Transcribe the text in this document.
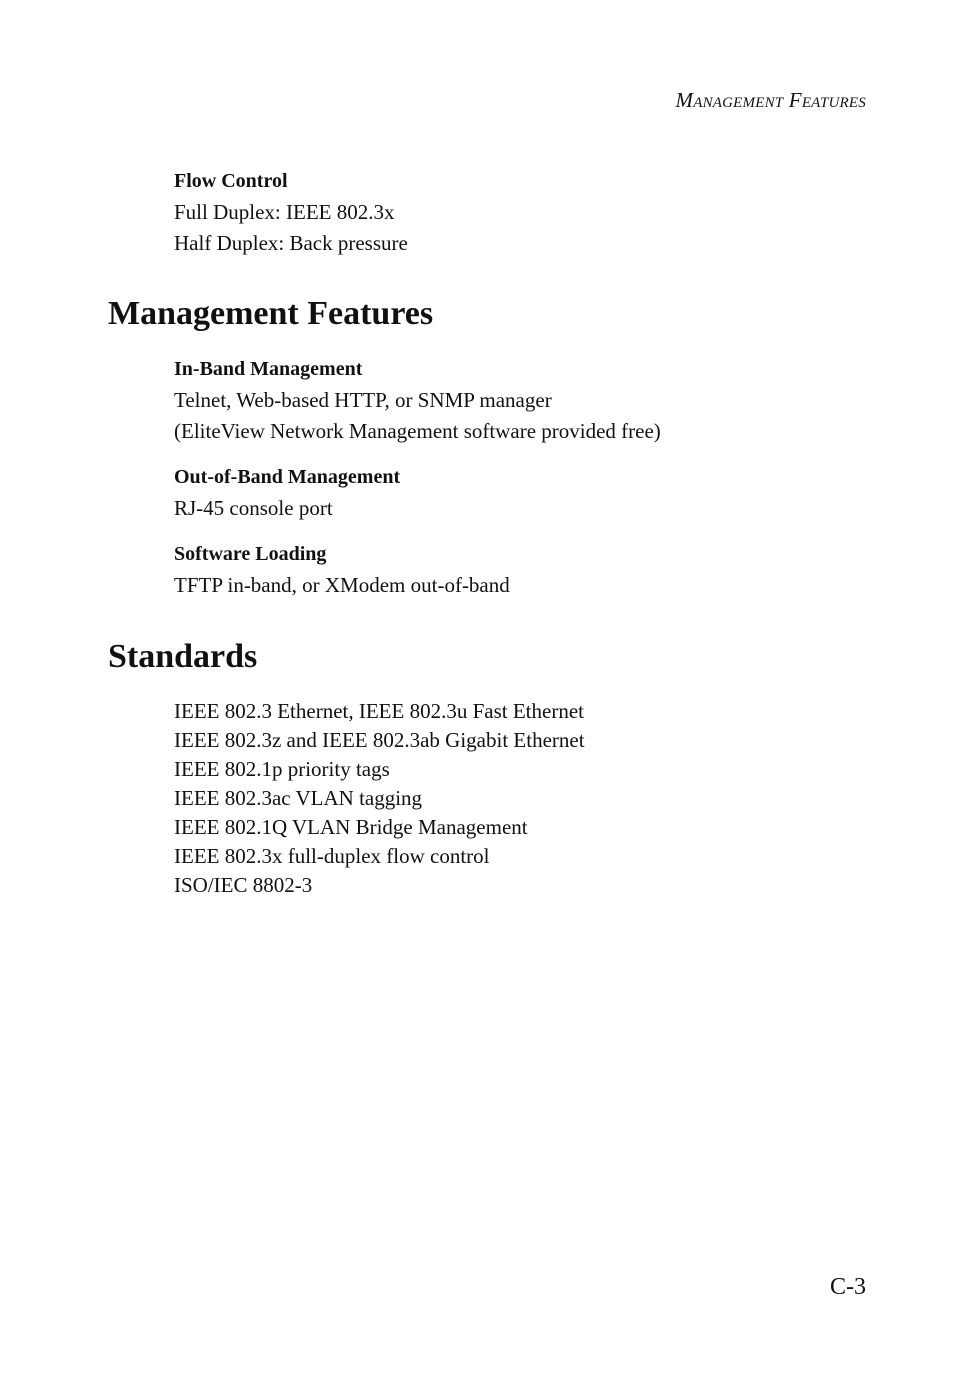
Management Features
Flow Control
Full Duplex: IEEE 802.3x
Half Duplex: Back pressure
Management Features
In-Band Management
Telnet, Web-based HTTP, or SNMP manager
(EliteView Network Management software provided free)
Out-of-Band Management
RJ-45 console port
Software Loading
TFTP in-band, or XModem out-of-band
Standards
IEEE 802.3 Ethernet, IEEE 802.3u Fast Ethernet
IEEE 802.3z and IEEE 802.3ab Gigabit Ethernet
IEEE 802.1p priority tags
IEEE 802.3ac VLAN tagging
IEEE 802.1Q VLAN Bridge Management
IEEE 802.3x full-duplex flow control
ISO/IEC 8802-3
C-3
